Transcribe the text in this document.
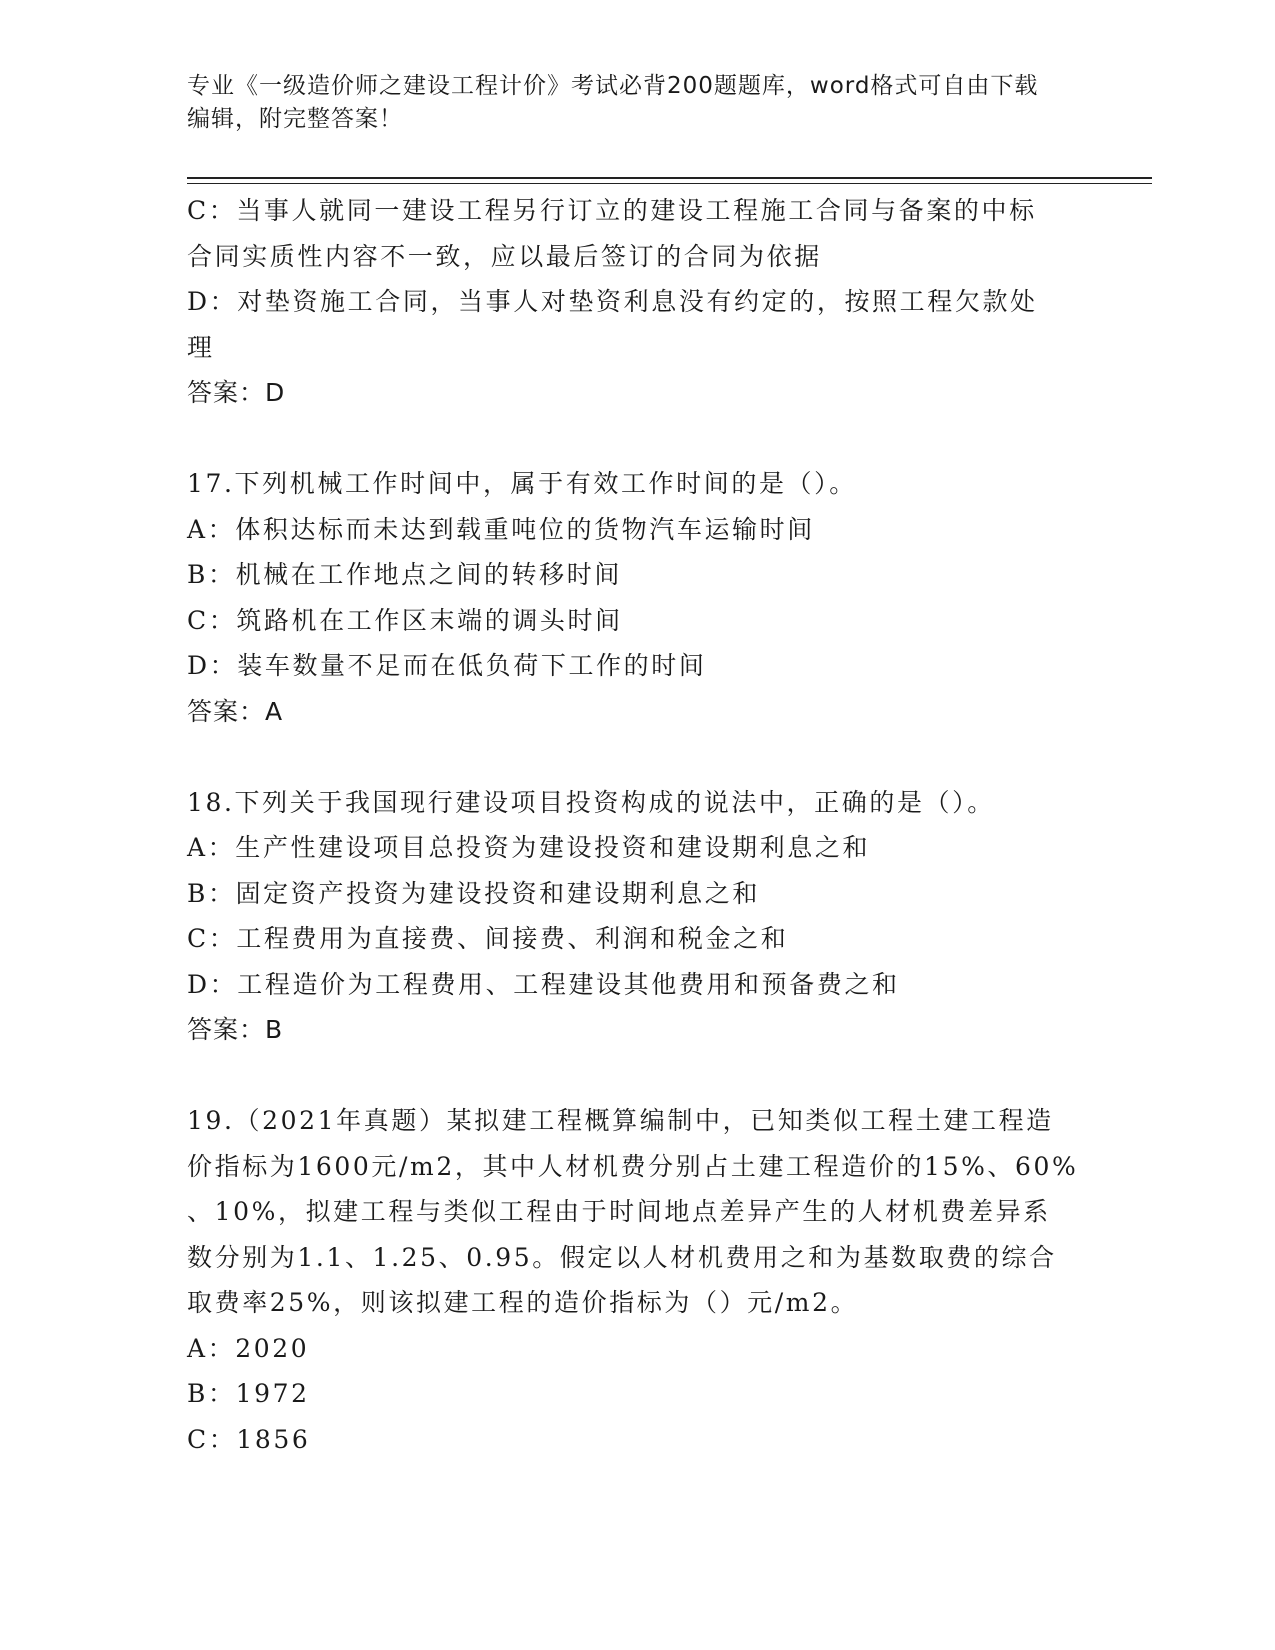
专业《一级造价师之建设工程计价》考试必背200题题库，word格式可自由下载
编辑，附完整答案！
C：当事人就同一建设工程另行订立的建设工程施工合同与备案的中标
合同实质性内容不一致，应以最后签订的合同为依据
D：对垫资施工合同，当事人对垫资利息没有约定的，按照工程欠款处
理
答案：D
17.下列机械工作时间中，属于有效工作时间的是（）。
A：体积达标而未达到载重吨位的货物汽车运输时间
B：机械在工作地点之间的转移时间
C：筑路机在工作区末端的调头时间
D：装车数量不足而在低负荷下工作的时间
答案：A
18.下列关于我国现行建设项目投资构成的说法中，正确的是（）。
A：生产性建设项目总投资为建设投资和建设期利息之和
B：固定资产投资为建设投资和建设期利息之和
C：工程费用为直接费、间接费、利润和税金之和
D：工程造价为工程费用、工程建设其他费用和预备费之和
答案：B
19.（2021年真题）某拟建工程概算编制中，已知类似工程土建工程造
价指标为1600元/m2，其中人材机费分别占土建工程造价的15%、60%
、10%，拟建工程与类似工程由于时间地点差异产生的人材机费差异系
数分别为1.1、1.25、0.95。假定以人材机费用之和为基数取费的综合
取费率25%，则该拟建工程的造价指标为（）元/m2。
A：2020
B：1972
C：1856
